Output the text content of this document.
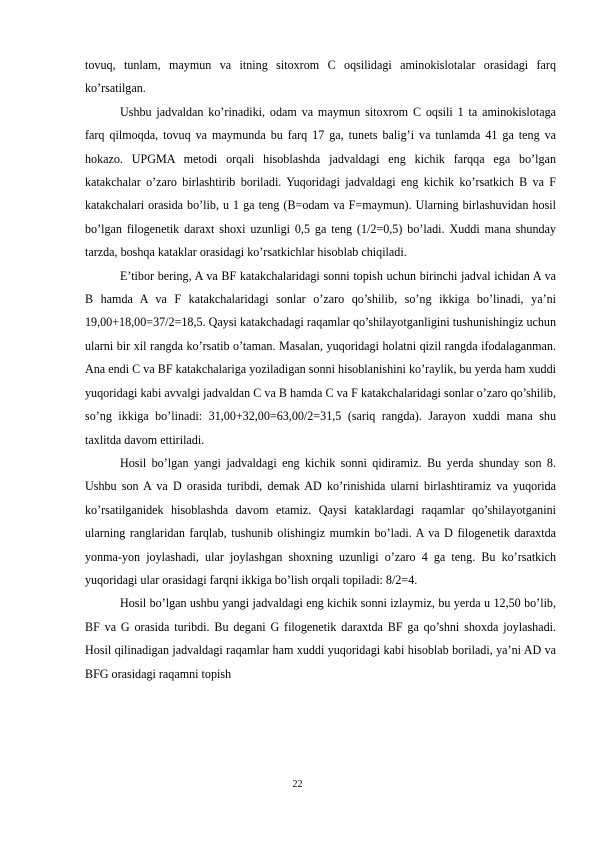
tovuq, tunlam, maymun va itning sitoxrom C oqsilidagi aminokislotalar orasidagi farq ko’rsatilgan.

Ushbu jadvaldan ko’rinadiki, odam va maymun sitoxrom C oqsili 1 ta aminokislotaga farq qilmoqda, tovuq va maymunda bu farq 17 ga, tunets balig’i va tunlamda 41 ga teng va hokazo. UPGMA metodi orqali hisoblashda jadvaldagi eng kichik farqqa ega bo’lgan katakchalar o’zaro birlashtirib boriladi. Yuqoridagi jadvaldagi eng kichik ko’rsatkich B va F katakchalari orasida bo’lib, u 1 ga teng (B=odam va F=maymun). Ularning birlashuvidan hosil bo’lgan filogenetik daraxt shoxi uzunligi 0,5 ga teng (1/2=0,5) bo’ladi. Xuddi mana shunday tarzda, boshqa kataklar orasidagi ko’rsatkichlar hisoblab chiqiladi.

E’tibor bering, A va BF katakchalaridagi sonni topish uchun birinchi jadval ichidan A va B hamda A va F katakchalaridagi sonlar o’zaro qo’shilib, so’ng ikkiga bo’linadi, ya’ni 19,00+18,00=37/2=18,5. Qaysi katakchadagi raqamlar qo’shilayotganligini tushunishingiz uchun ularni bir xil rangda ko’rsatib o’taman. Masalan, yuqoridagi holatni qizil rangda ifodalaganman. Ana endi C va BF katakchalariga yoziladigan sonni hisoblanishini ko’raylik, bu yerda ham xuddi yuqoridagi kabi avvalgi jadvaldan C va B hamda C va F katakchalaridagi sonlar o’zaro qo’shilib, so’ng ikkiga bo’linadi: 31,00+32,00=63,00/2=31,5 (sariq rangda). Jarayon xuddi mana shu taxlitda davom ettiriladi.

Hosil bo’lgan yangi jadvaldagi eng kichik sonni qidiramiz. Bu yerda shunday son 8. Ushbu son A va D orasida turibdi, demak AD ko’rinishida ularni birlashtiramiz va yuqorida ko’rsatilganidek hisoblashda davom etamiz. Qaysi kataklardagi raqamlar qo’shilayotganini ularning ranglaridan farqlab, tushunib olishingiz mumkin bo’ladi. A va D filogenetik daraxtda yonma-yon joylashadi, ular joylashgan shoxning uzunligi o’zaro 4 ga teng. Bu ko’rsatkich yuqoridagi ular orasidagi farqni ikkiga bo’lish orqali topiladi: 8/2=4.

Hosil bo’lgan ushbu yangi jadvaldagi eng kichik sonni izlaymiz, bu yerda u 12,50 bo’lib, BF va G orasida turibdi. Bu degani G filogenetik daraxtda BF ga qo’shni shoxda joylashadi. Hosil qilinadigan jadvaldagi raqamlar ham xuddi yuqoridagi kabi hisoblab boriladi, ya’ni AD va BFG orasidagi raqamni topish

22
